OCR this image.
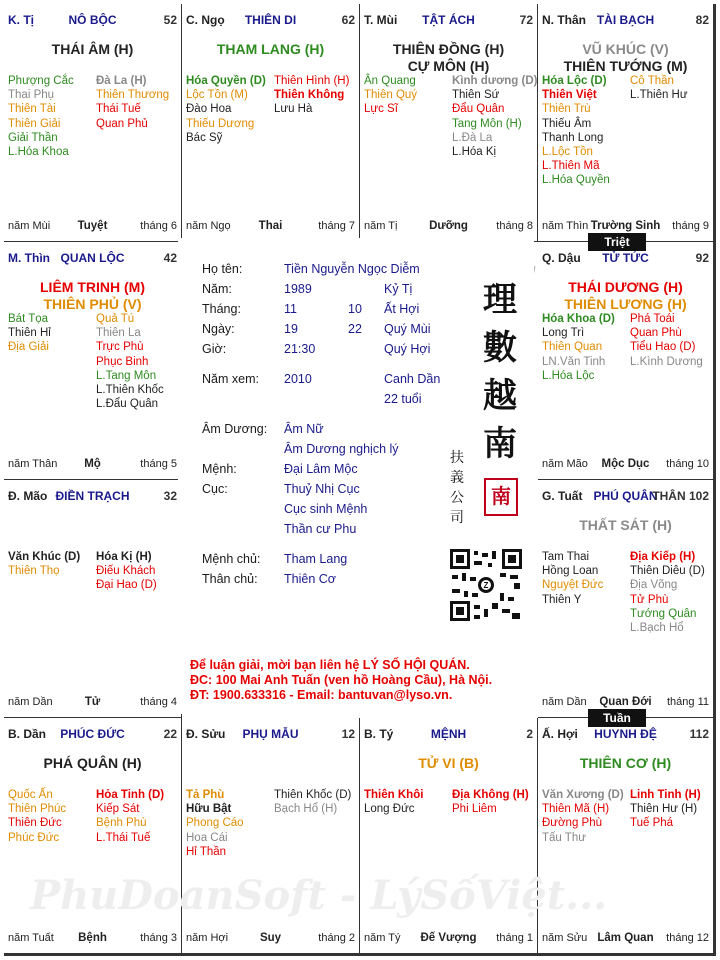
NÔ BỘC
K. Tị	52
THÁI ÂM (H)
Phượng Cắc
Thai Phụ
Thiên Tài
Thiên Giải
Giải Thần
L.Hóa Khoa
Đà La (H)
Thiên Thương
Thái Tuế
Quan Phủ
năm Mùi	Tuyệt	tháng 6
THIÊN DI
C. Ngọ	62
THAM LANG (H)
Hóa Quyền (D)
Lộc Tồn (M)
Đào Hoa
Thiếu Dương
Bác Sỹ
Thiên Hình (H)
Thiên Không
Lưu Hà
năm Ngọ	Thai	tháng 7
TẬT ÁCH
T. Mùi	72
THIÊN ĐỒNG (H)
CỰ MÔN (H)
Ân Quang
Thiên Quý
Lực Sĩ
Kình dương (D)
Thiên Sứ
Đẩu Quân
Tang Môn (H)
L.Đà La
L.Hóa Kị
năm Tị	Dưỡng	tháng 8
TÀI BẠCH
N. Thân	82
VŨ KHÚC (V)
THIÊN TƯỚNG (M)
Hóa Lộc (D)
Thiên Việt
Thiên Trù
Thiếu Âm
Thanh Long
L.Lộc Tồn
L.Thiên Mã
L.Hóa Quyền
Cô Thần
L.Thiên Hư
năm Thìn Trường Sinh	tháng 9
QUAN LỘC
M. Thìn	42
LIÊM TRINH (M)
THIÊN PHỦ (V)
Bát Tọa
Thiên Hỉ
Địa Giải
Quả Tú
Thiên La
Trực Phù
Phục Binh
L.Tang Môn
L.Thiên Khốc
L.Đẩu Quân
năm Thân	Mộ	tháng 5
TỬ TỨC
Q. Dậu	92
THÁI DƯƠNG (H)
THIÊN LƯƠNG (H)
Hóa Khoa (D)
Long Trì
Thiên Quan
LN.Văn Tinh
L.Hóa Lộc
Phá Toái
Quan Phù
Tiểu Hao (D)
L.Kình Dương
năm Mão	Mộc Dục	tháng 10
ĐIỀN TRẠCH
Đ. Mão	32
Văn Khúc (D)
Thiên Thọ
Hóa Kị (H)
Điếu Khách
Đại Hao (D)
năm Dần	Tử	tháng 4
PHÚ QUÂN
G. Tuất	THÂN 102
THẤT SÁT (H)
Tam Thai
Hồng Loan
Nguyệt Đức
Thiên Y
Địa Kiếp (H)
Thiên Diêu (D)
Địa Võng
Tử Phù
Tướng Quân
L.Bạch Hổ
năm Dần	Quan Đới	tháng 11
PHÚC ĐỨC
B. Dần	22
PHÁ QUÂN (H)
Quốc Ấn
Thiên Phúc
Thiên Đức
Phúc Đức
Hỏa Tinh (D)
Kiếp Sát
Bệnh Phù
L.Thái Tuế
năm Tuất	Bệnh	tháng 3
PHỤ MẪU
Đ. Sửu	12
Tả Phù
Hữu Bật
Phong Cáo
Hoa Cái
Hỉ Thần
Thiên Khốc (D)
Bạch Hổ (H)
năm Hợi	Suy	tháng 2
MỆNH
B. Tý	2
TỬ VI (B)
Thiên Khôi
Long Đức
Địa Không (H)
Phi Liêm
năm Tý	Đế Vượng	tháng 1
HUYNH ĐỆ
Ấ. Hợi	112
THIÊN CƠ (H)
Văn Xương (D)
Thiên Mã (H)
Đường Phù
Tấu Thư
Linh Tinh (H)
Thiên Hư (H)
Tuế Phá
năm Sửu Lâm Quan	tháng 12
Họ tên:	Tiền Nguyễn Ngọc Diễm
Năm:	1989	Kỷ Tị
Tháng:	11	10 Ất Hợi
Ngày:	19	22 Quý Mùi
Giờ:	21:30	Quý Hợi
Năm xem: 2010	Canh Dần
22 tuổi
Âm Dương: Âm Nữ
Âm Dương nghịch lý
Mệnh:	Đại Lâm Mộc
Cục:	Thuỷ Nhị Cục
Cục sinh Mệnh
Thần cư Phu
Mệnh chủ: Tham Lang
Thân chủ: Thiên Cơ
理
數
越
南
扶
義
公
司
南
Z
Để luận giải, mời bạn liên hệ LÝ SỐ HỘI QUÁN.
ĐC: 100 Mai Anh Tuấn (ven hồ Hoàng Cầu), Hà Nội.
ĐT: 1900.633316 - Email: bantuvan@lyso.vn.
Triệt
Tuần
PhuDoanSoft - LýSốViệt...
